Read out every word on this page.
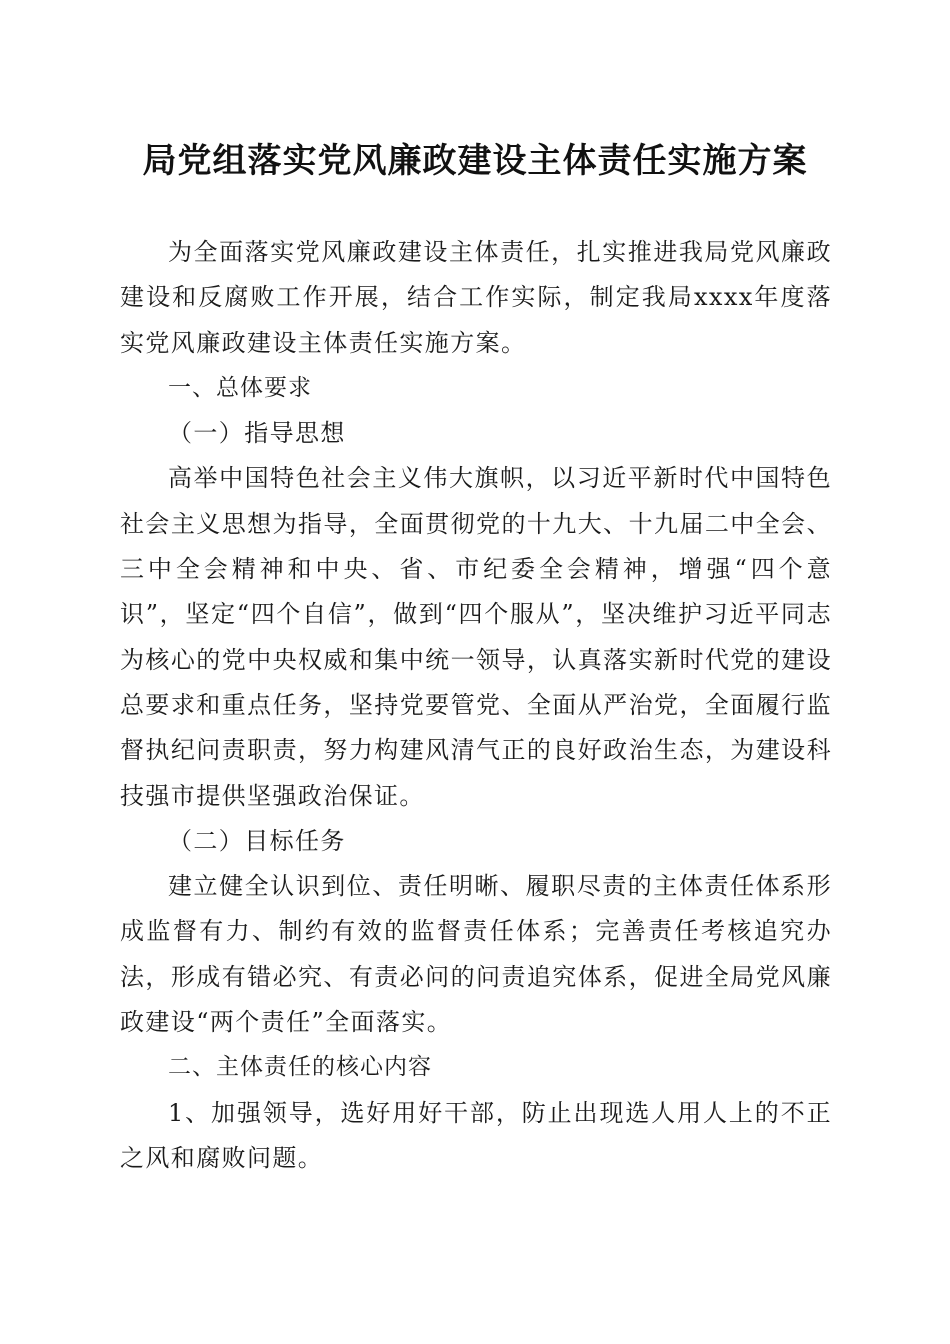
局党组落实党风廉政建设主体责任实施方案

为全面落实党风廉政建设主体责任，扎实推进我局党风廉政建设和反腐败工作开展，结合工作实际，制定我局xxxx年度落实党风廉政建设主体责任实施方案。

一、总体要求

（一）指导思想

高举中国特色社会主义伟大旗帜，以习近平新时代中国特色社会主义思想为指导，全面贯彻党的十九大、十九届二中全会、三中全会精神和中央、省、市纪委全会精神，增强“四个意识”，坚定“四个自信”，做到“四个服从”，坚决维护习近平同志为核心的党中央权威和集中统一领导，认真落实新时代党的建设总要求和重点任务，坚持党要管党、全面从严治党，全面履行监督执纪问责职责，努力构建风清气正的良好政治生态，为建设科技强市提供坚强政治保证。

（二）目标任务

建立健全认识到位、责任明晰、履职尽责的主体责任体系形成监督有力、制约有效的监督责任体系；完善责任考核追究办法，形成有错必究、有责必问的问责追究体系，促进全局党风廉政建设“两个责任”全面落实。

二、主体责任的核心内容

1、加强领导，选好用好干部，防止出现选人用人上的不正之风和腐败问题。
